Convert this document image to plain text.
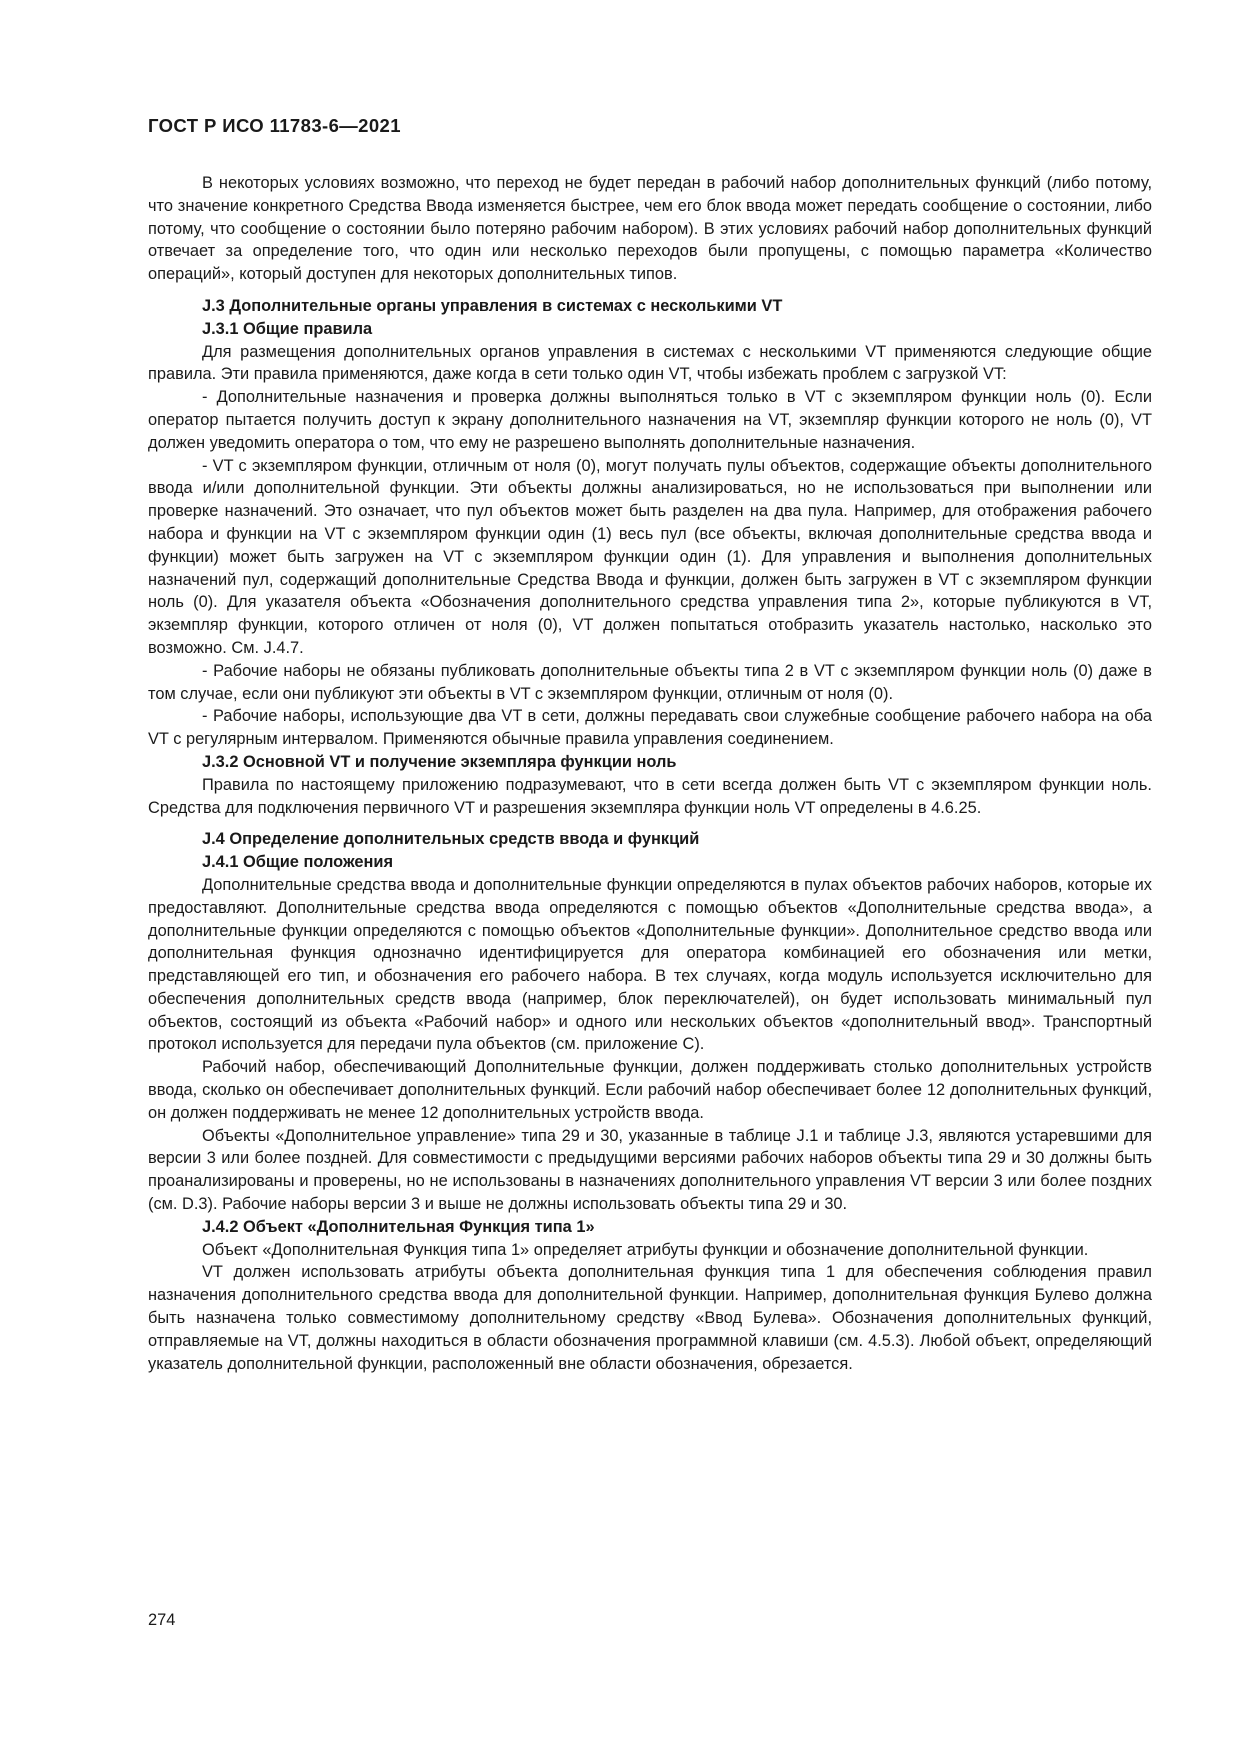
ГОСТ Р ИСО 11783-6—2021

В некоторых условиях возможно, что переход не будет передан в рабочий набор дополнительных функций (либо потому, что значение конкретного Средства Ввода изменяется быстрее, чем его блок ввода может передать сообщение о состоянии, либо потому, что сообщение о состоянии было потеряно рабочим набором). В этих условиях рабочий набор дополнительных функций отвечает за определение того, что один или несколько переходов были пропущены, с помощью параметра «Количество операций», который доступен для некоторых дополнительных типов.

J.3 Дополнительные органы управления в системах с несколькими VT
J.3.1 Общие правила

Для размещения дополнительных органов управления в системах с несколькими VT применяются следующие общие правила. Эти правила применяются, даже когда в сети только один VT, чтобы избежать проблем с загрузкой VT:

- Дополнительные назначения и проверка должны выполняться только в VT с экземпляром функции ноль (0). Если оператор пытается получить доступ к экрану дополнительного назначения на VT, экземпляр функции которого не ноль (0), VT должен уведомить оператора о том, что ему не разрешено выполнять дополнительные назначения.

- VT с экземпляром функции, отличным от ноля (0), могут получать пулы объектов, содержащие объекты дополнительного ввода и/или дополнительной функции. Эти объекты должны анализироваться, но не использоваться при выполнении или проверке назначений. Это означает, что пул объектов может быть разделен на два пула. Например, для отображения рабочего набора и функции на VT с экземпляром функции один (1) весь пул (все объекты, включая дополнительные средства ввода и функции) может быть загружен на VT с экземпляром функции один (1). Для управления и выполнения дополнительных назначений пул, содержащий дополнительные Средства Ввода и функции, должен быть загружен в VT с экземпляром функции ноль (0). Для указателя объекта «Обозначения дополнительного средства управления типа 2», которые публикуются в VT, экземпляр функции, которого отличен от ноля (0), VT должен попытаться отобразить указатель настолько, насколько это возможно. См. J.4.7.

- Рабочие наборы не обязаны публиковать дополнительные объекты типа 2 в VT с экземпляром функции ноль (0) даже в том случае, если они публикуют эти объекты в VT с экземпляром функции, отличным от ноля (0).

- Рабочие наборы, использующие два VT в сети, должны передавать свои служебные сообщение рабочего набора на оба VT с регулярным интервалом. Применяются обычные правила управления соединением.

J.3.2 Основной VT и получение экземпляра функции ноль

Правила по настоящему приложению подразумевают, что в сети всегда должен быть VT с экземпляром функции ноль. Средства для подключения первичного VT и разрешения экземпляра функции ноль VT определены в 4.6.25.

J.4 Определение дополнительных средств ввода и функций
J.4.1 Общие положения

Дополнительные средства ввода и дополнительные функции определяются в пулах объектов рабочих наборов, которые их предоставляют. Дополнительные средства ввода определяются с помощью объектов «Дополнительные средства ввода», а дополнительные функции определяются с помощью объектов «Дополнительные функции». Дополнительное средство ввода или дополнительная функция однозначно идентифицируется для оператора комбинацией его обозначения или метки, представляющей его тип, и обозначения его рабочего набора. В тех случаях, когда модуль используется исключительно для обеспечения дополнительных средств ввода (например, блок переключателей), он будет использовать минимальный пул объектов, состоящий из объекта «Рабочий набор» и одного или нескольких объектов «дополнительный ввод». Транспортный протокол используется для передачи пула объектов (см. приложение С).

Рабочий набор, обеспечивающий Дополнительные функции, должен поддерживать столько дополнительных устройств ввода, сколько он обеспечивает дополнительных функций. Если рабочий набор обеспечивает более 12 дополнительных функций, он должен поддерживать не менее 12 дополнительных устройств ввода.

Объекты «Дополнительное управление» типа 29 и 30, указанные в таблице J.1 и таблице J.3, являются устаревшими для версии 3 или более поздней. Для совместимости с предыдущими версиями рабочих наборов объекты типа 29 и 30 должны быть проанализированы и проверены, но не использованы в назначениях дополнительного управления VT версии 3 или более поздних (см. D.3). Рабочие наборы версии 3 и выше не должны использовать объекты типа 29 и 30.

J.4.2 Объект «Дополнительная Функция типа 1»

Объект «Дополнительная Функция типа 1» определяет атрибуты функции и обозначение дополнительной функции.

VT должен использовать атрибуты объекта дополнительная функция типа 1 для обеспечения соблюдения правил назначения дополнительного средства ввода для дополнительной функции. Например, дополнительная функция Булево должна быть назначена только совместимому дополнительному средству «Ввод Булева». Обозначения дополнительных функций, отправляемые на VT, должны находиться в области обозначения программной клавиши (см. 4.5.3). Любой объект, определяющий указатель дополнительной функции, расположенный вне области обозначения, обрезается.

274
